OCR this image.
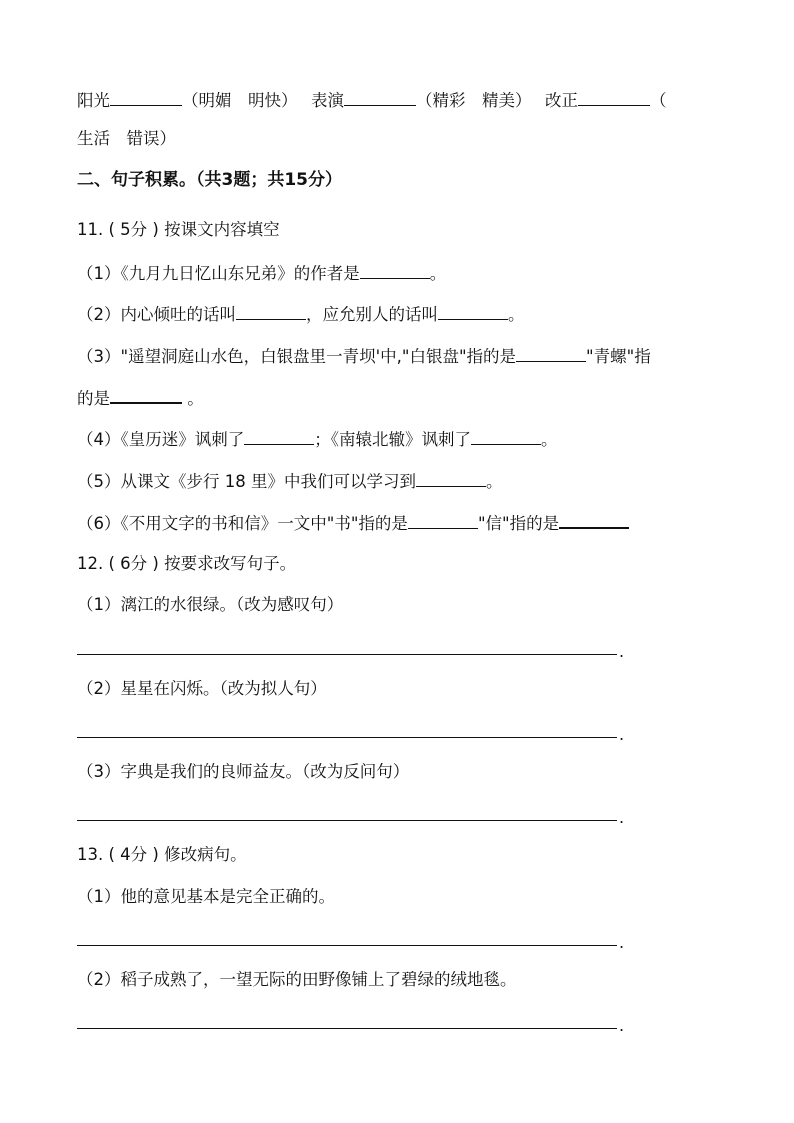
阳光	（明媚　明快）　 表演	（精彩　精美）　 改正	（
生活　错误）
二、句子积累。（共3题；共15分）
11. ( 5分 ) 按课文内容填空
（1）《九月九日忆山东兄弟》的作者是	。
（2）内心倾吐的话叫	，应允别人的话叫	。
（3）"遥望洞庭山水色，白银盘里一青坝'中,"白银盘"指的是	"青螺"指
的是	。
（4）《皇历迷》讽刺了	；《南辕北辙》讽刺了	。
（5）从课文《步行 18 里》中我们可以学习到	。
（6）《不用文字的书和信》一文中"书"指的是	"信"指的是
12. ( 6分 ) 按要求改写句子。
（1）漓江的水很绿。（改为感叹句）
.
（2）星星在闪烁。（改为拟人句）
.
（3）字典是我们的良师益友。（改为反问句）
.
13. ( 4分 ) 修改病句。
（1）他的意见基本是完全正确的。
.
（2）稻子成熟了，一望无际的田野像铺上了碧绿的绒地毯。
.
